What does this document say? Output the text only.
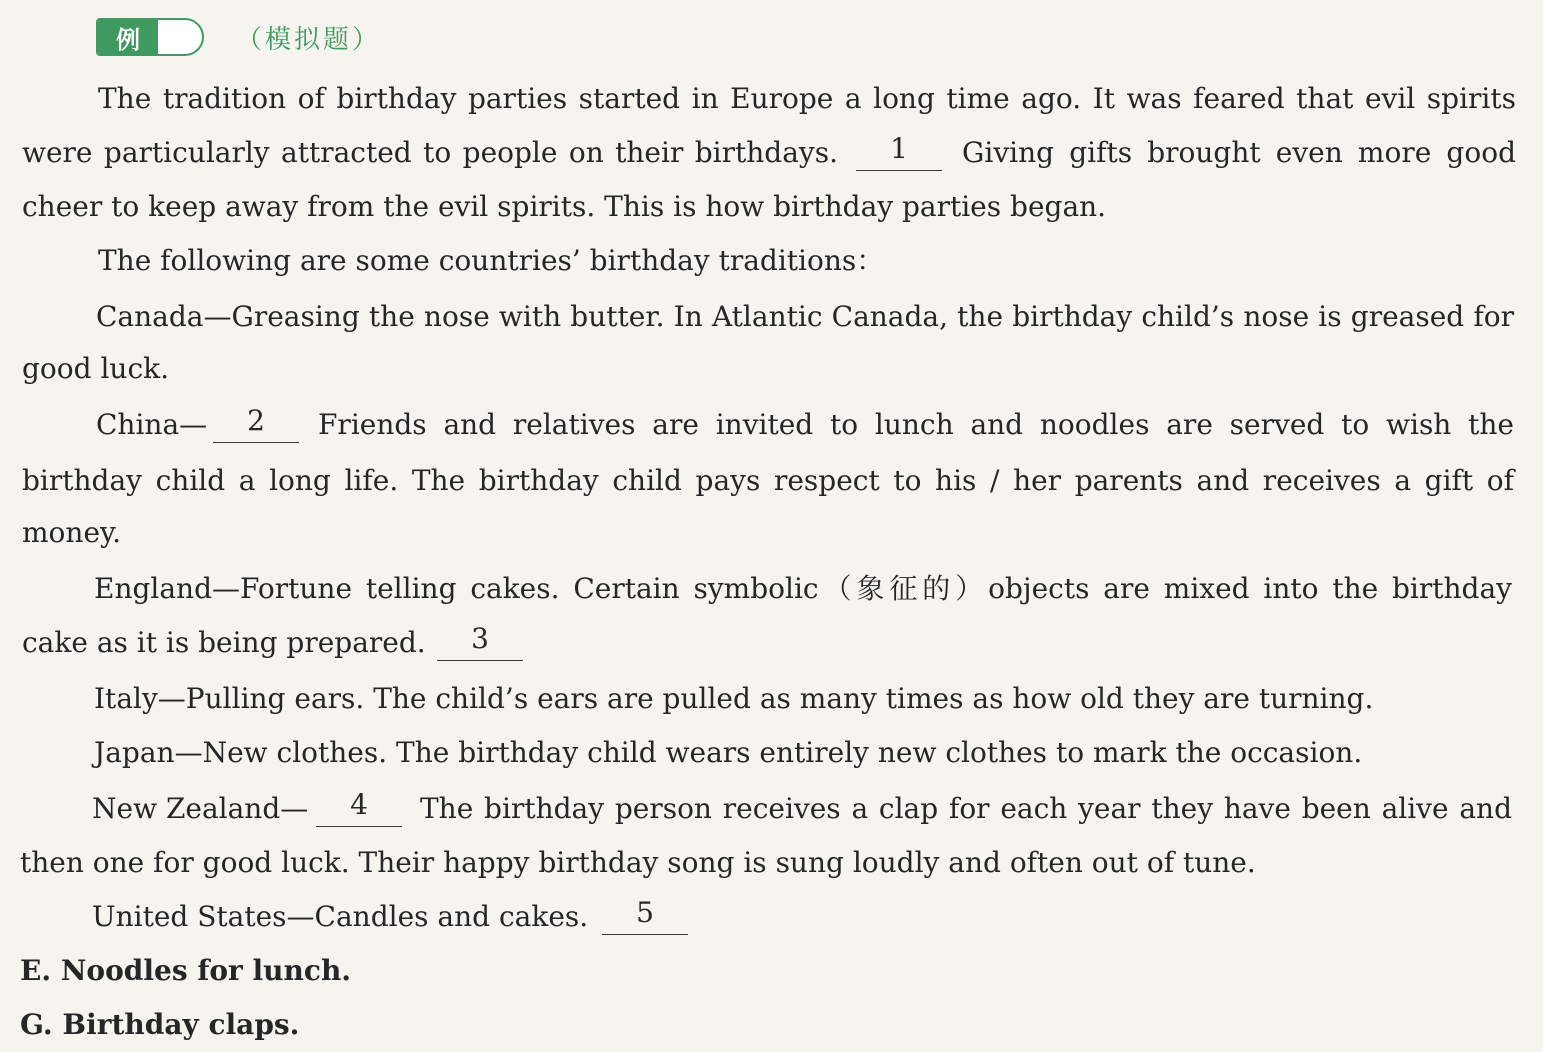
例	（模拟题）
The tradition of birthday parties started in Europe a long time ago. It was feared that evil spirits
were particularly attracted to people on their birthdays.	1	Giving gifts brought even more good
cheer to keep away from the evil spirits. This is how birthday parties began.
The following are some countries’ birthday traditions：
Canada—Greasing the nose with butter. In Atlantic Canada, the birthday child’s nose is greased for
good luck.
China—	2	Friends and relatives are invited to lunch and noodles are served to wish the
birthday child a long life. The birthday child pays respect to his / her parents and receives a gift of
money.
England—Fortune telling cakes. Certain symbolic（象征的）objects are mixed into the birthday
cake as it is being prepared.	3
Italy—Pulling ears. The child’s ears are pulled as many times as how old they are turning.
Japan—New clothes. The birthday child wears entirely new clothes to mark the occasion.
New Zealand—	4	The birthday person receives a clap for each year they have been alive and
then one for good luck. Their happy birthday song is sung loudly and often out of tune.
United States—Candles and cakes.	5
E. Noodles for lunch.
G. Birthday claps.
